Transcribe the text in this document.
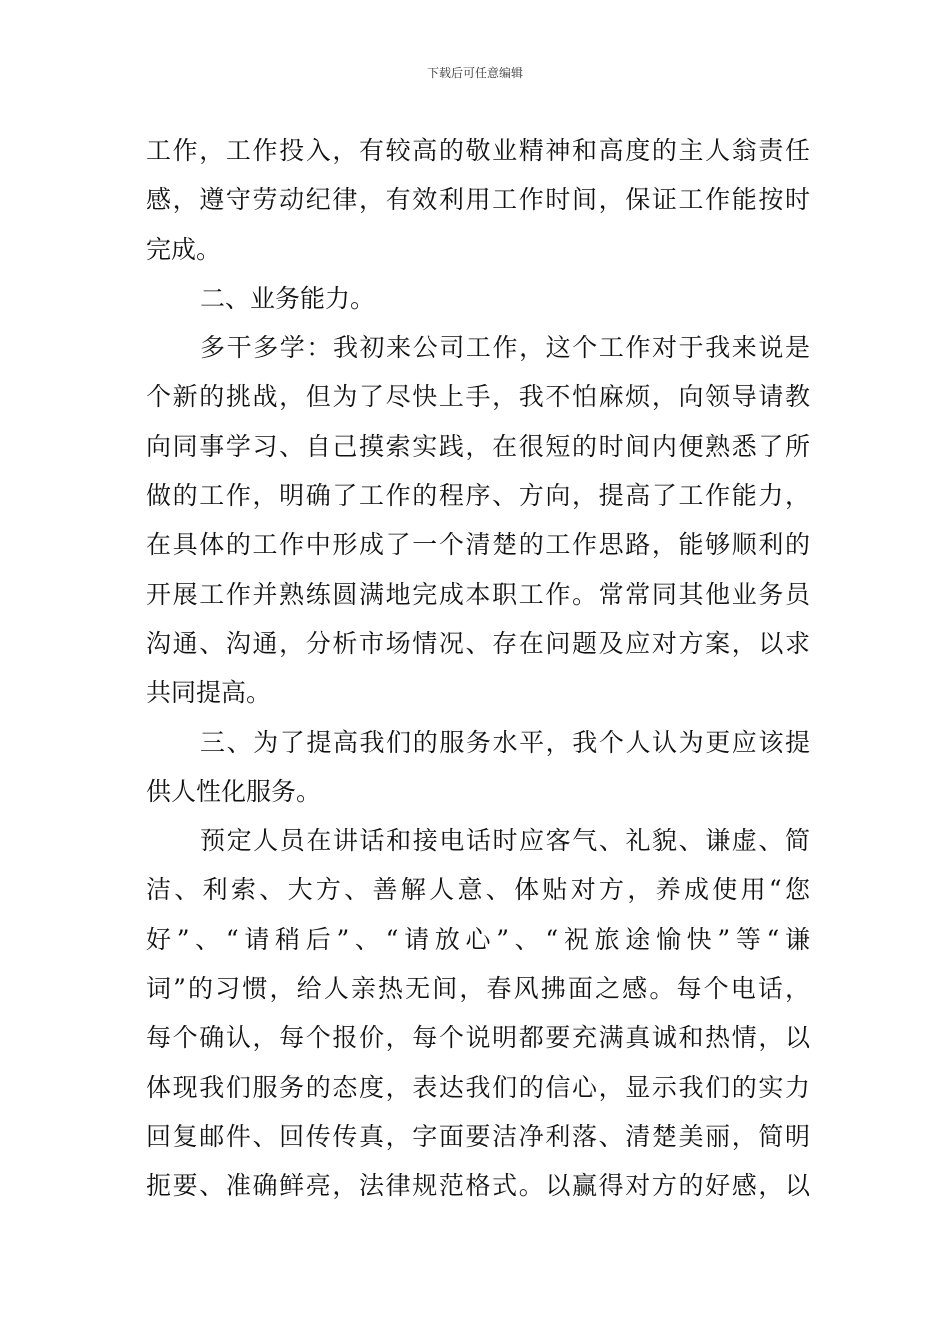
下载后可任意编辑
工作，工作投入，有较高的敬业精神和高度的主人翁责任
感，遵守劳动纪律，有效利用工作时间，保证工作能按时
完成。
二、业务能力。
多干多学：我初来公司工作，这个工作对于我来说是
个新的挑战，但为了尽快上手，我不怕麻烦，向领导请教
向同事学习、自己摸索实践，在很短的时间内便熟悉了所
做的工作，明确了工作的程序、方向，提高了工作能力，
在具体的工作中形成了一个清楚的工作思路，能够顺利的
开展工作并熟练圆满地完成本职工作。常常同其他业务员
沟通、沟通，分析市场情况、存在问题及应对方案，以求
共同提高。
三、为了提高我们的服务水平，我个人认为更应该提
供人性化服务。
预定人员在讲话和接电话时应客气、礼貌、谦虚、简
洁、利索、大方、善解人意、体贴对方，养成使用“您
好”、“请稍后”、“请放心”、“祝旅途愉快”等“谦
词”的习惯，给人亲热无间，春风拂面之感。每个电话，
每个确认，每个报价，每个说明都要充满真诚和热情，以
体现我们服务的态度，表达我们的信心，显示我们的实力
回复邮件、回传传真，字面要洁净利落、清楚美丽，简明
扼要、准确鲜亮，法律规范格式。以赢得对方的好感，以
